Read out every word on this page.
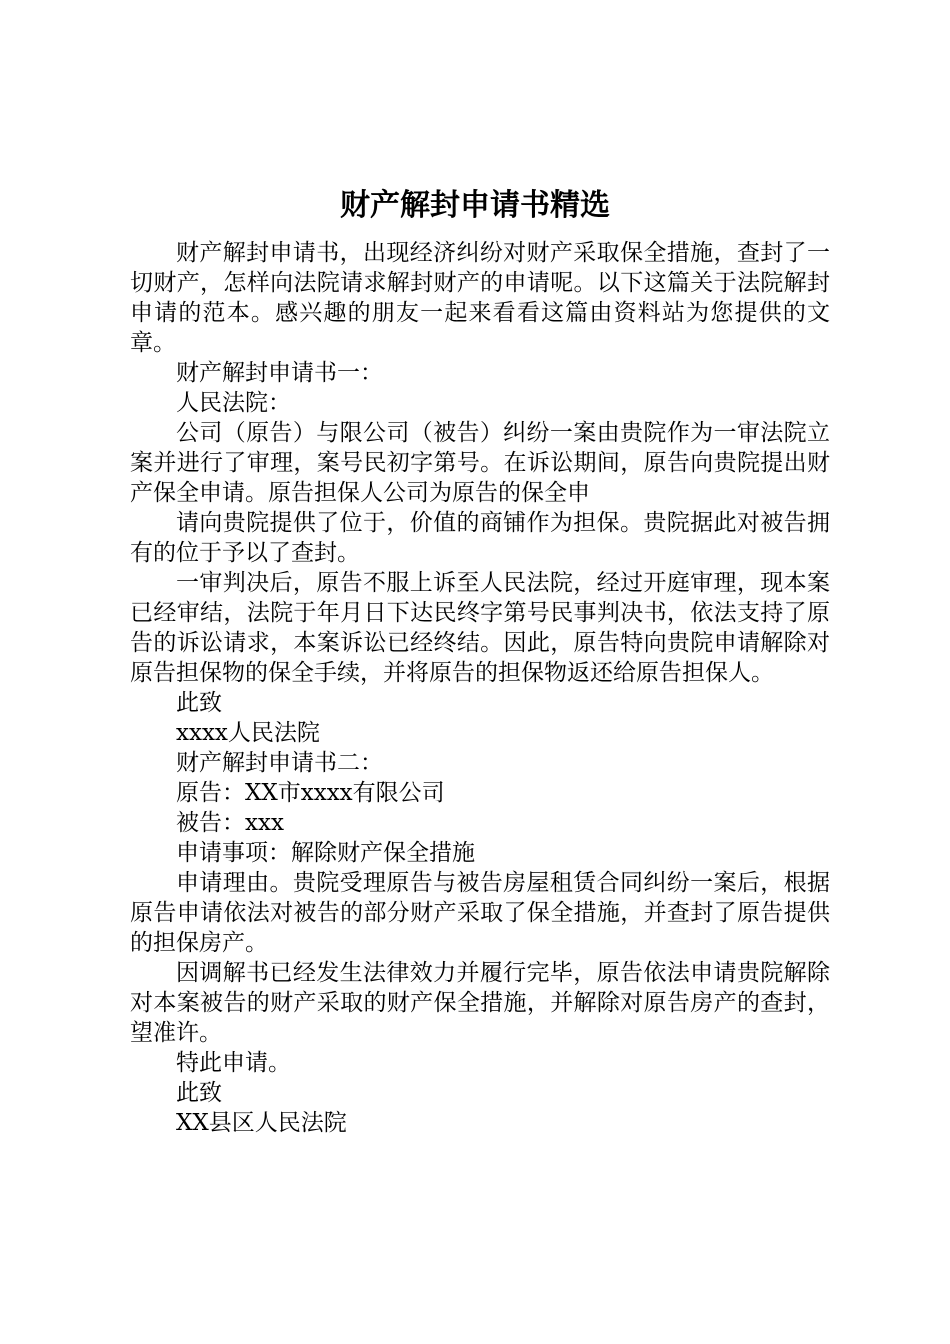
财产解封申请书精选

财产解封申请书，出现经济纠纷对财产采取保全措施，查封了一切财产，怎样向法院请求解封财产的申请呢。以下这篇关于法院解封申请的范本。感兴趣的朋友一起来看看这篇由资料站为您提供的文章。

财产解封申请书一：

人民法院：

公司（原告）与限公司（被告）纠纷一案由贵院作为一审法院立案并进行了审理，案号民初字第号。在诉讼期间，原告向贵院提出财产保全申请。原告担保人公司为原告的保全申

请向贵院提供了位于，价值的商铺作为担保。贵院据此对被告拥有的位于予以了查封。

一审判决后，原告不服上诉至人民法院，经过开庭审理，现本案已经审结，法院于年月日下达民终字第号民事判决书，依法支持了原告的诉讼请求，本案诉讼已经终结。因此，原告特向贵院申请解除对原告担保物的保全手续，并将原告的担保物返还给原告担保人。

此致

xxxx人民法院

财产解封申请书二：

原告：XX市xxxx有限公司

被告：xxx

申请事项：解除财产保全措施

申请理由。贵院受理原告与被告房屋租赁合同纠纷一案后，根据原告申请依法对被告的部分财产采取了保全措施，并查封了原告提供的担保房产。

因调解书已经发生法律效力并履行完毕，原告依法申请贵院解除对本案被告的财产采取的财产保全措施，并解除对原告房产的查封，望准许。

特此申请。

此致

XX县区人民法院
